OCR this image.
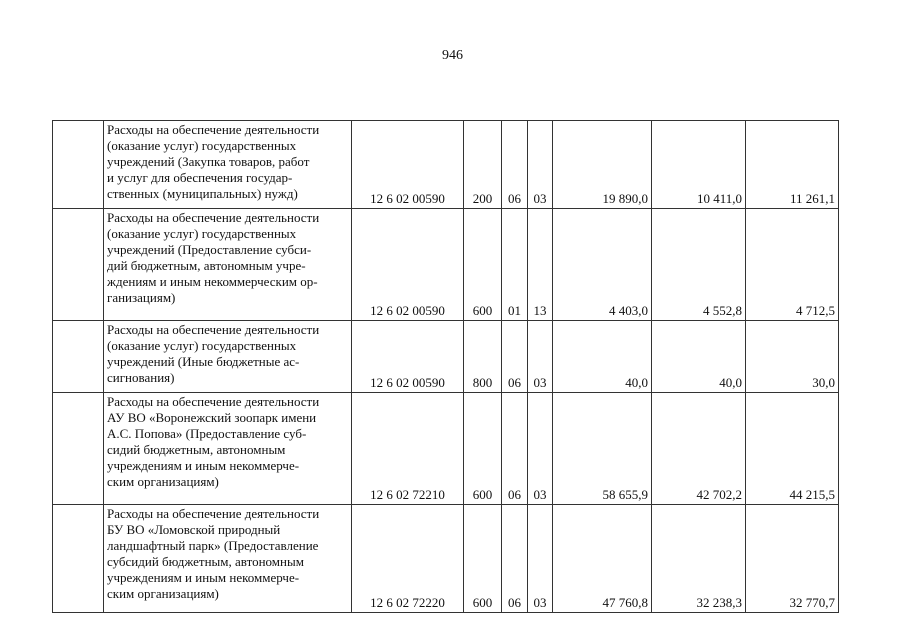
946

	Расходы на обеспечение деятельности
(оказание услуг) государственных
учреждений (Закупка товаров, работ
и услуг для обеспечения государ-
ственных (муниципальных) нужд)	12 6 02 00590	200	06	03	19 890,0	10 411,0	11 261,1

Расходы на обеспечение деятельности
(оказание услуг) государственных
учреждений (Предоставление субси-
дий бюджетным, автономным учре-
ждениям и иным некоммерческим ор-
ганизациям)
	12 6 02 00590	600	01	13	4 403,0	4 552,8	4 712,5

	Расходы на обеспечение деятельности
(оказание услуг) государственных
учреждений (Иные бюджетные ас-
сигнования)	12 6 02 00590	800	06	03	40,0	40,0	30,0

Расходы на обеспечение деятельности
АУ ВО «Воронежский зоопарк имени
А.С. Попова» (Предоставление суб-
сидий бюджетным, автономным
учреждениям и иным некоммерче-
ским организациям)
	12 6 02 72210	600	06	03	58 655,9	42 702,2	44 215,5

Расходы на обеспечение деятельности
БУ ВО «Ломовской природный
ландшафтный парк» (Предоставление
субсидий бюджетным, автономным
учреждениям и иным некоммерче-
ским организациям)
	12 6 02 72220	600	06	03	47 760,8	32 238,3	32 770,7
